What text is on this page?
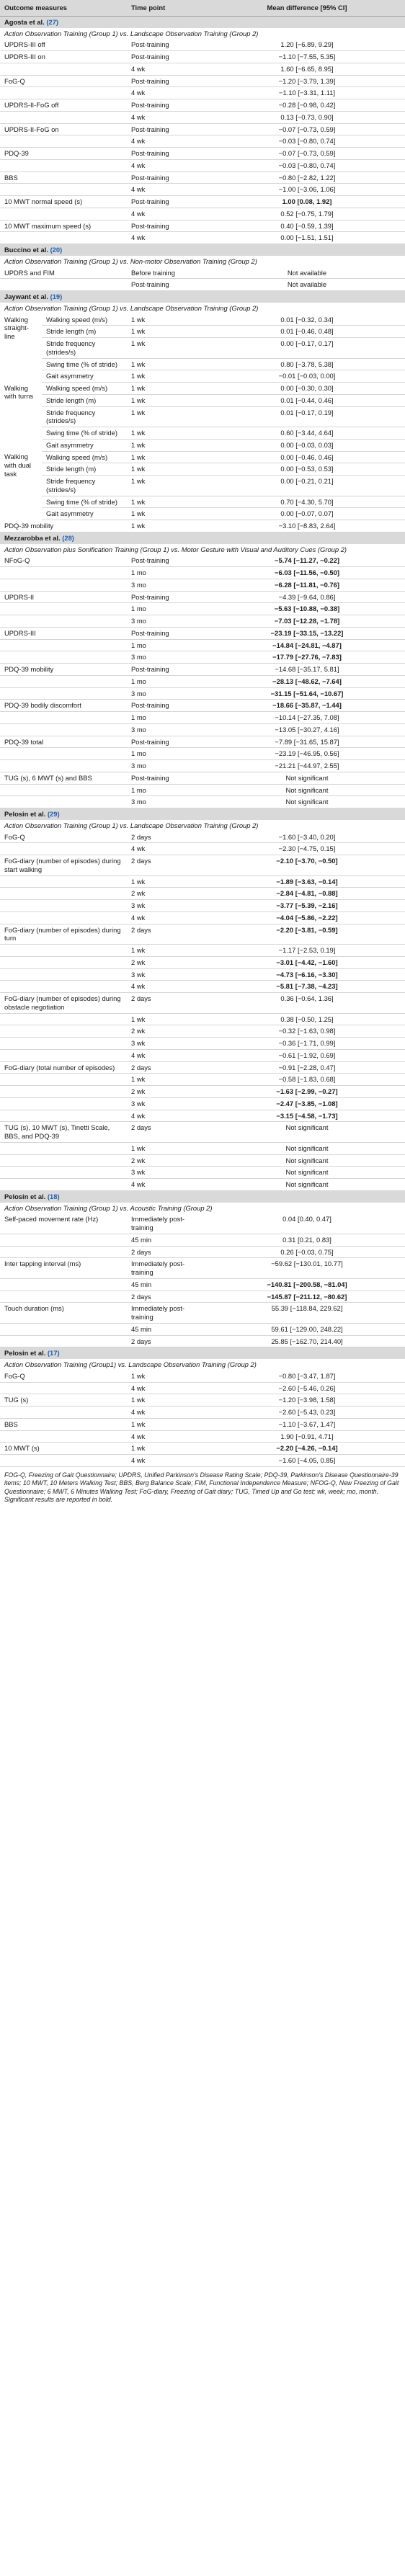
Outcome measures		Time point	Mean difference [95% CI]
Agosta et al. (27)			
Action Observation Training (Group 1) vs. Landscape Observation Training (Group 2)			
UPDRS-III off		Post-training	1.20 [−6.89, 9.29]
UPDRS-III on		Post-training	−1.10 [−7.55, 5.35]
		4 wk	1.60 [−6.65, 8.95]
FoG-Q		Post-training	−1.20 [−3.79, 1.39]
		4 wk	−1.10 [−3.31, 1.11]
UPDRS-II-FoG off		Post-training	−0.28 [−0.98, 0.42]
		4 wk	0.13 [−0.73, 0.90]
UPDRS-II-FoG on		Post-training	−0.07 [−0.73, 0.59]
		4 wk	−0.03 [−0.80, 0.74]
PDQ-39		Post-training	−0.07 [−0.73, 0.59]
		4 wk	−0.03 [−0.80, 0.74]
BBS		Post-training	−0.80 [−2.82, 1.22]
		4 wk	−1.00 [−3.06, 1.06]
10 MWT normal speed (s)		Post-training	1.00 [0.08, 1.92]
		4 wk	0.52 [−0.75, 1.79]
10 MWT maximum speed (s)		Post-training	0.40 [−0.59, 1.39]
		4 wk	0.00 [−1.51, 1.51]
Buccino et al. (20)			
Action Observation Training (Group 1) vs. Non-motor Observation Training (Group 2)			
UPDRS and FIM		Before training	Not available
		Post-training	Not available
Jaywant et al. (19)			
Action Observation Training (Group 1) vs. Landscape Observation Training (Group 2)			
Walking straight-line	Walking speed (m/s)	1 wk	0.01 [−0.32, 0.34]
	Stride length (m)	1 wk	0.01 [−0.46, 0.48]
	Stride frequency (strides/s)	1 wk	0.00 [−0.17, 0.17]
	Swing time (% of stride)	1 wk	0.80 [−3.78, 5.38]
	Gait asymmetry	1 wk	−0.01 [−0.03, 0.00]
Walking with turns	Walking speed (m/s)	1 wk	0.00 [−0.30, 0.30]
	Stride length (m)	1 wk	0.01 [−0.44, 0.46]
	Stride frequency (strides/s)	1 wk	0.01 [−0.17, 0.19]
	Swing time (% of stride)	1 wk	0.60 [−3.44, 4.64]
	Gait asymmetry	1 wk	0.00 [−0.03, 0.03]
Walking with dual task	Walking speed (m/s)	1 wk	0.00 [−0.46, 0.46]
	Stride length (m)	1 wk	0.00 [−0.53, 0.53]
	Stride frequency (strides/s)	1 wk	0.00 [−0.21, 0.21]
	Swing time (% of stride)	1 wk	0.70 [−4.30, 5.70]
	Gait asymmetry	1 wk	0.00 [−0.07, 0.07]
PDQ-39 mobility		1 wk	−3.10 [−8.83, 2.64]
Mezzarobba et al. (28)			
Action Observation plus Sonification Training (Group 1) vs. Motor Gesture with Visual and Auditory Cues (Group 2)			
NFoG-Q		Post-training	−5.74 [−11.27, −0.22]
		1 mo	−6.03 [−11.56, −0.50]
		3 mo	−6.28 [−11.81, −0.76]
UPDRS-II		Post-training	−4.39 [−9.64, 0.86]
		1 mo	−5.63 [−10.88, −0.38]
		3 mo	−7.03 [−12.28, −1.78]
UPDRS-III		Post-training	−23.19 [−33.15, −13.22]
		1 mo	−14.84 [−24.81, −4.87]
		3 mo	−17.79 [−27.76, −7.83]
PDQ-39 mobility		Post-training	−14.68 [−35.17, 5.81]
		1 mo	−28.13 [−48.62, −7.64]
		3 mo	−31.15 [−51.64, −10.67]
PDQ-39 bodily discomfort		Post-training	−18.66 [−35.87, −1.44]
		1 mo	−10.14 [−27.35, 7.08]
		3 mo	−13.05 [−30.27, 4.16]
PDQ-39 total		Post-training	−7.89 [−31.65, 15.87]
		1 mo	−23.19 [−46.95, 0.56]
		3 mo	−21.21 [−44.97, 2.55]
TUG (s), 6 MWT (s) and BBS		Post-training	Not significant
		1 mo	Not significant
		3 mo	Not significant
Pelosin et al. (29)			
Action Observation Training (Group 1) vs. Landscape Observation Training (Group 2)			
FoG-Q		2 days	−1.60 [−3.40, 0.20]
		4 wk	−2.30 [−4.75, 0.15]
FoG-diary (number of episodes) during start walking		2 days	−2.10 [−3.70, −0.50]
		1 wk	−1.89 [−3.63, −0.14]
		2 wk	−2.84 [−4.81, −0.88]
		3 wk	−3.77 [−5.39, −2.16]
		4 wk	−4.04 [−5.86, −2.22]
FoG-diary (number of episodes) during turn		2 days	−2.20 [−3.81, −0.59]
		1 wk	−1.17 [−2.53, 0.19]
		2 wk	−3.01 [−4.42, −1.60]
		3 wk	−4.73 [−6.16, −3.30]
		4 wk	−5.81 [−7.38, −4.23]
FoG-diary (number of episodes) during obstacle negotiation		2 days	0.36 [−0.64, 1.36]
		1 wk	0.38 [−0.50, 1.25]
		2 wk	−0.32 [−1.63, 0.98]
		3 wk	−0.36 [−1.71, 0.99]
		4 wk	−0.61 [−1.92, 0.69]
FoG-diary (total number of episodes)		2 days	−0.91 [−2.28, 0.47]
		1 wk	−0.58 [−1.83, 0.68]
		2 wk	−1.63 [−2.99, −0.27]
		3 wk	−2.47 [−3.85, −1.08]
		4 wk	−3.15 [−4.58, −1.73]
TUG (s), 10 MWT (s), Tinetti Scale, BBS, and PDQ-39		2 days	Not significant
		1 wk	Not significant
		2 wk	Not significant
		3 wk	Not significant
		4 wk	Not significant
Pelosin et al. (18)			
Action Observation Training (Group 1) vs. Acoustic Training (Group 2)			
Self-paced movement rate (Hz)		Immediately post-training	0.04 [0.40, 0.47]
		45 min	0.31 [0.21, 0.83]
		2 days	0.26 [−0.03, 0.75]
Inter tapping interval (ms)		Immediately post-training	−59.62 [−130.01, 10.77]
		45 min	−140.81 [−200.58, −81.04]
		2 days	−145.87 [−211.12, −80.62]
Touch duration (ms)		Immediately post-training	55.39 [−118.84, 229.62]
		45 min	59.61 [−129.00, 248.22]
		2 days	25.85 [−162.70, 214.40]
Pelosin et al. (17)			
Action Observation Training (Group1) vs. Landscape Observation Training (Group 2)			
FoG-Q		1 wk	−0.80 [−3.47, 1.87]
		4 wk	−2.60 [−5.46, 0.26]
TUG (s)		1 wk	−1.20 [−3.98, 1.58]
		4 wk	−2.60 [−5.43, 0.23]
BBS		1 wk	−1.10 [−3.67, 1.47]
		4 wk	1.90 [−0.91, 4.71]
10 MWT (s)		1 wk	−2.20 [−4.26, −0.14]
		4 wk	−1.60 [−4.05, 0.85]
FOG-Q, Freezing of Gait Questionnaire; UPDRS, Unified Parkinson's Disease Rating Scale; PDQ-39, Parkinson's Disease Questionnaire-39 items; 10 MWT, 10 Meters Walking Test; BBS, Berg Balance Scale; FIM, Functional Independence Measure; NFOG-Q, New Freezing of Gait Questionnaire; 6 MWT, 6 Minutes Walking Test; FoG-diary, Freezing of Gait diary; TUG, Timed Up and Go test; wk, week; mo, month. Significant results are reported in bold.
